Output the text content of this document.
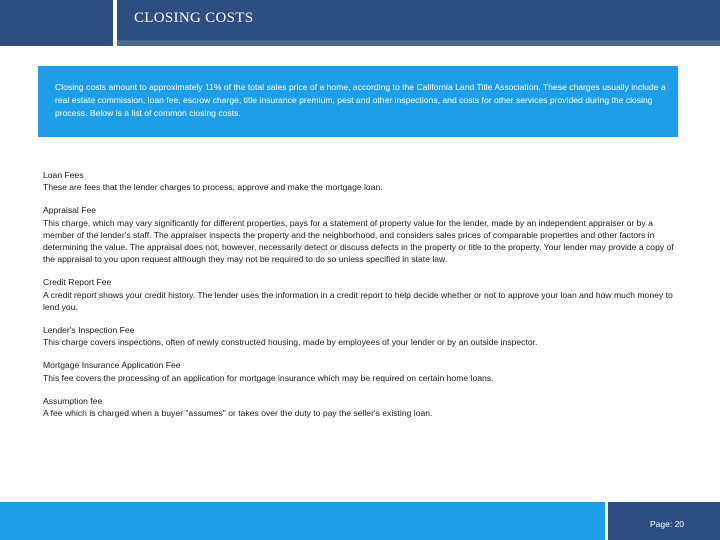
CLOSING COSTS
Closing costs amount to approximately 11% of the total sales price of a home, according to the California Land Title Association. These charges usually include a real estate commission, loan fee, escrow charge, title insurance premium, pest and other inspections, and costs for other services provided during the closing process. Below is a list of common closing costs.
Loan Fees
These are fees that the lender charges to process, approve and make the mortgage loan.
Appraisal Fee
This charge, which may vary significantly for different properties, pays for a statement of property value for the lender, made by an independent appraiser or by a member of the lender's staff. The appraiser inspects the property and the neighborhood, and considers sales prices of comparable properties and other factors in determining the value. The appraisal does not, however, necessarily detect or discuss defects in the property or title to the property. Your lender may provide a copy of the appraisal to you upon request although they may not be required to do so unless specified in state law.
Credit Report Fee
A credit report shows your credit history. The lender uses the information in a credit report to help decide whether or not to approve your loan and how much money to lend you.
Lender's Inspection Fee
This charge covers inspections, often of newly constructed housing, made by employees of your lender or by an outside inspector.
Mortgage Insurance Application Fee
This fee covers the processing of an application for mortgage insurance which may be required on certain home loans.
Assumption fee
A fee which is charged when a buyer "assumes" or takes over the duty to pay the seller's existing loan.
Page: 20
